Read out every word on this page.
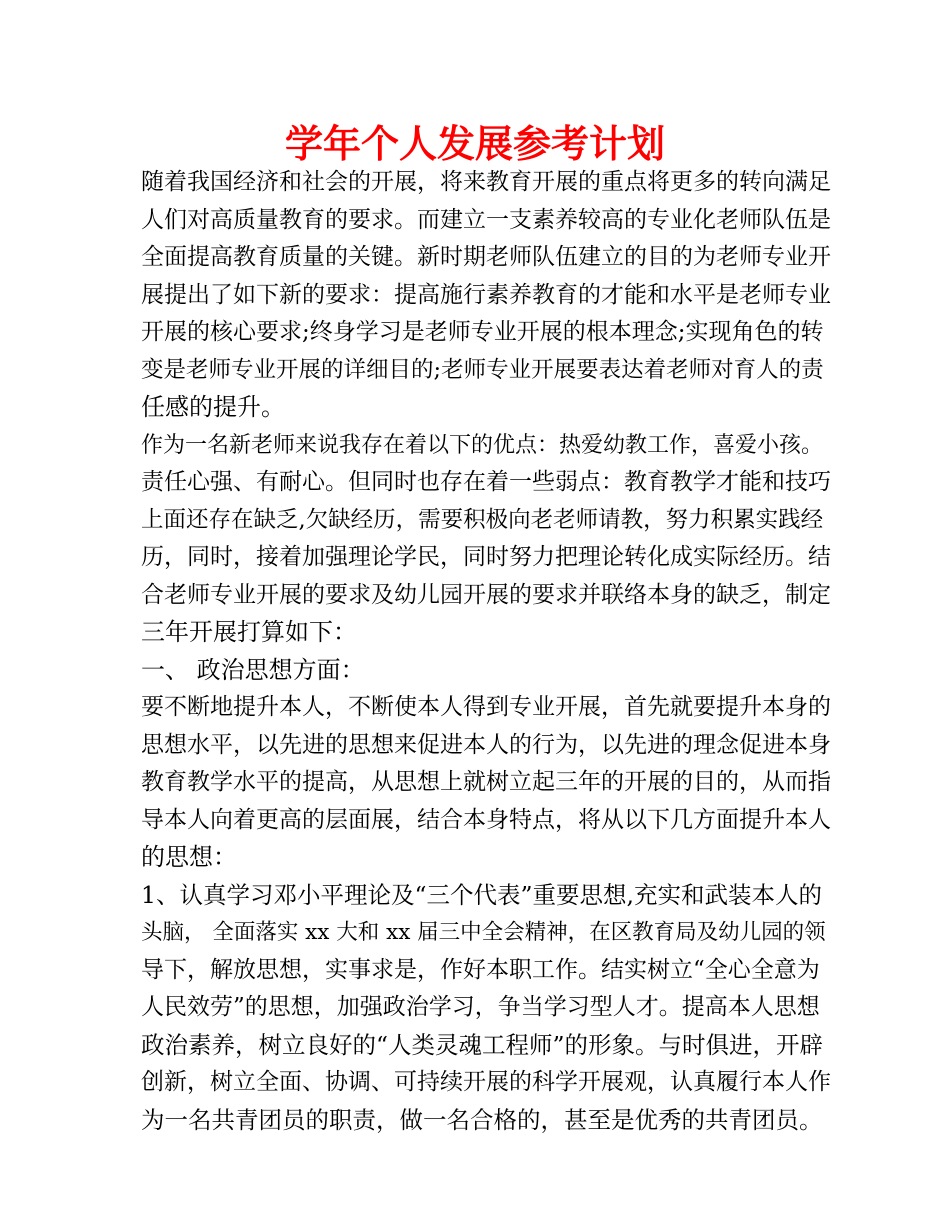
学年个人发展参考计划
随着我国经济和社会的开展，将来教育开展的重点将更多的转向满足
人们对高质量教育的要求。而建立一支素养较高的专业化老师队伍是
全面提高教育质量的关键。新时期老师队伍建立的目的为老师专业开
展提出了如下新的要求：提高施行素养教育的才能和水平是老师专业
开展的核心要求;终身学习是老师专业开展的根本理念;实现角色的转
变是老师专业开展的详细目的;老师专业开展要表达着老师对育人的责
任感的提升。
作为一名新老师来说我存在着以下的优点：热爱幼教工作，喜爱小孩。
责任心强、有耐心。但同时也存在着一些弱点：教育教学才能和技巧
上面还存在缺乏,欠缺经历，需要积极向老老师请教，努力积累实践经
历，同时，接着加强理论学民，同时努力把理论转化成实际经历。结
合老师专业开展的要求及幼儿园开展的要求并联络本身的缺乏，制定
三年开展打算如下：
一、 政治思想方面：
要不断地提升本人，不断使本人得到专业开展，首先就要提升本身的
思想水平，以先进的思想来促进本人的行为，以先进的理念促进本身
教育教学水平的提高，从思想上就树立起三年的开展的目的，从而指
导本人向着更高的层面展，结合本身特点，将从以下几方面提升本人
的思想：
1、认真学习邓小平理论及“三个代表”重要思想,充实和武装本人的
头脑， 全面落实 xx 大和 xx 届三中全会精神，在区教育局及幼儿园的领
导下，解放思想，实事求是，作好本职工作。结实树立“全心全意为
人民效劳”的思想，加强政治学习，争当学习型人才。提高本人思想
政治素养，树立良好的“人类灵魂工程师”的形象。与时俱进，开辟
创新，树立全面、协调、可持续开展的科学开展观，认真履行本人作
为一名共青团员的职责，做一名合格的，甚至是优秀的共青团员。
